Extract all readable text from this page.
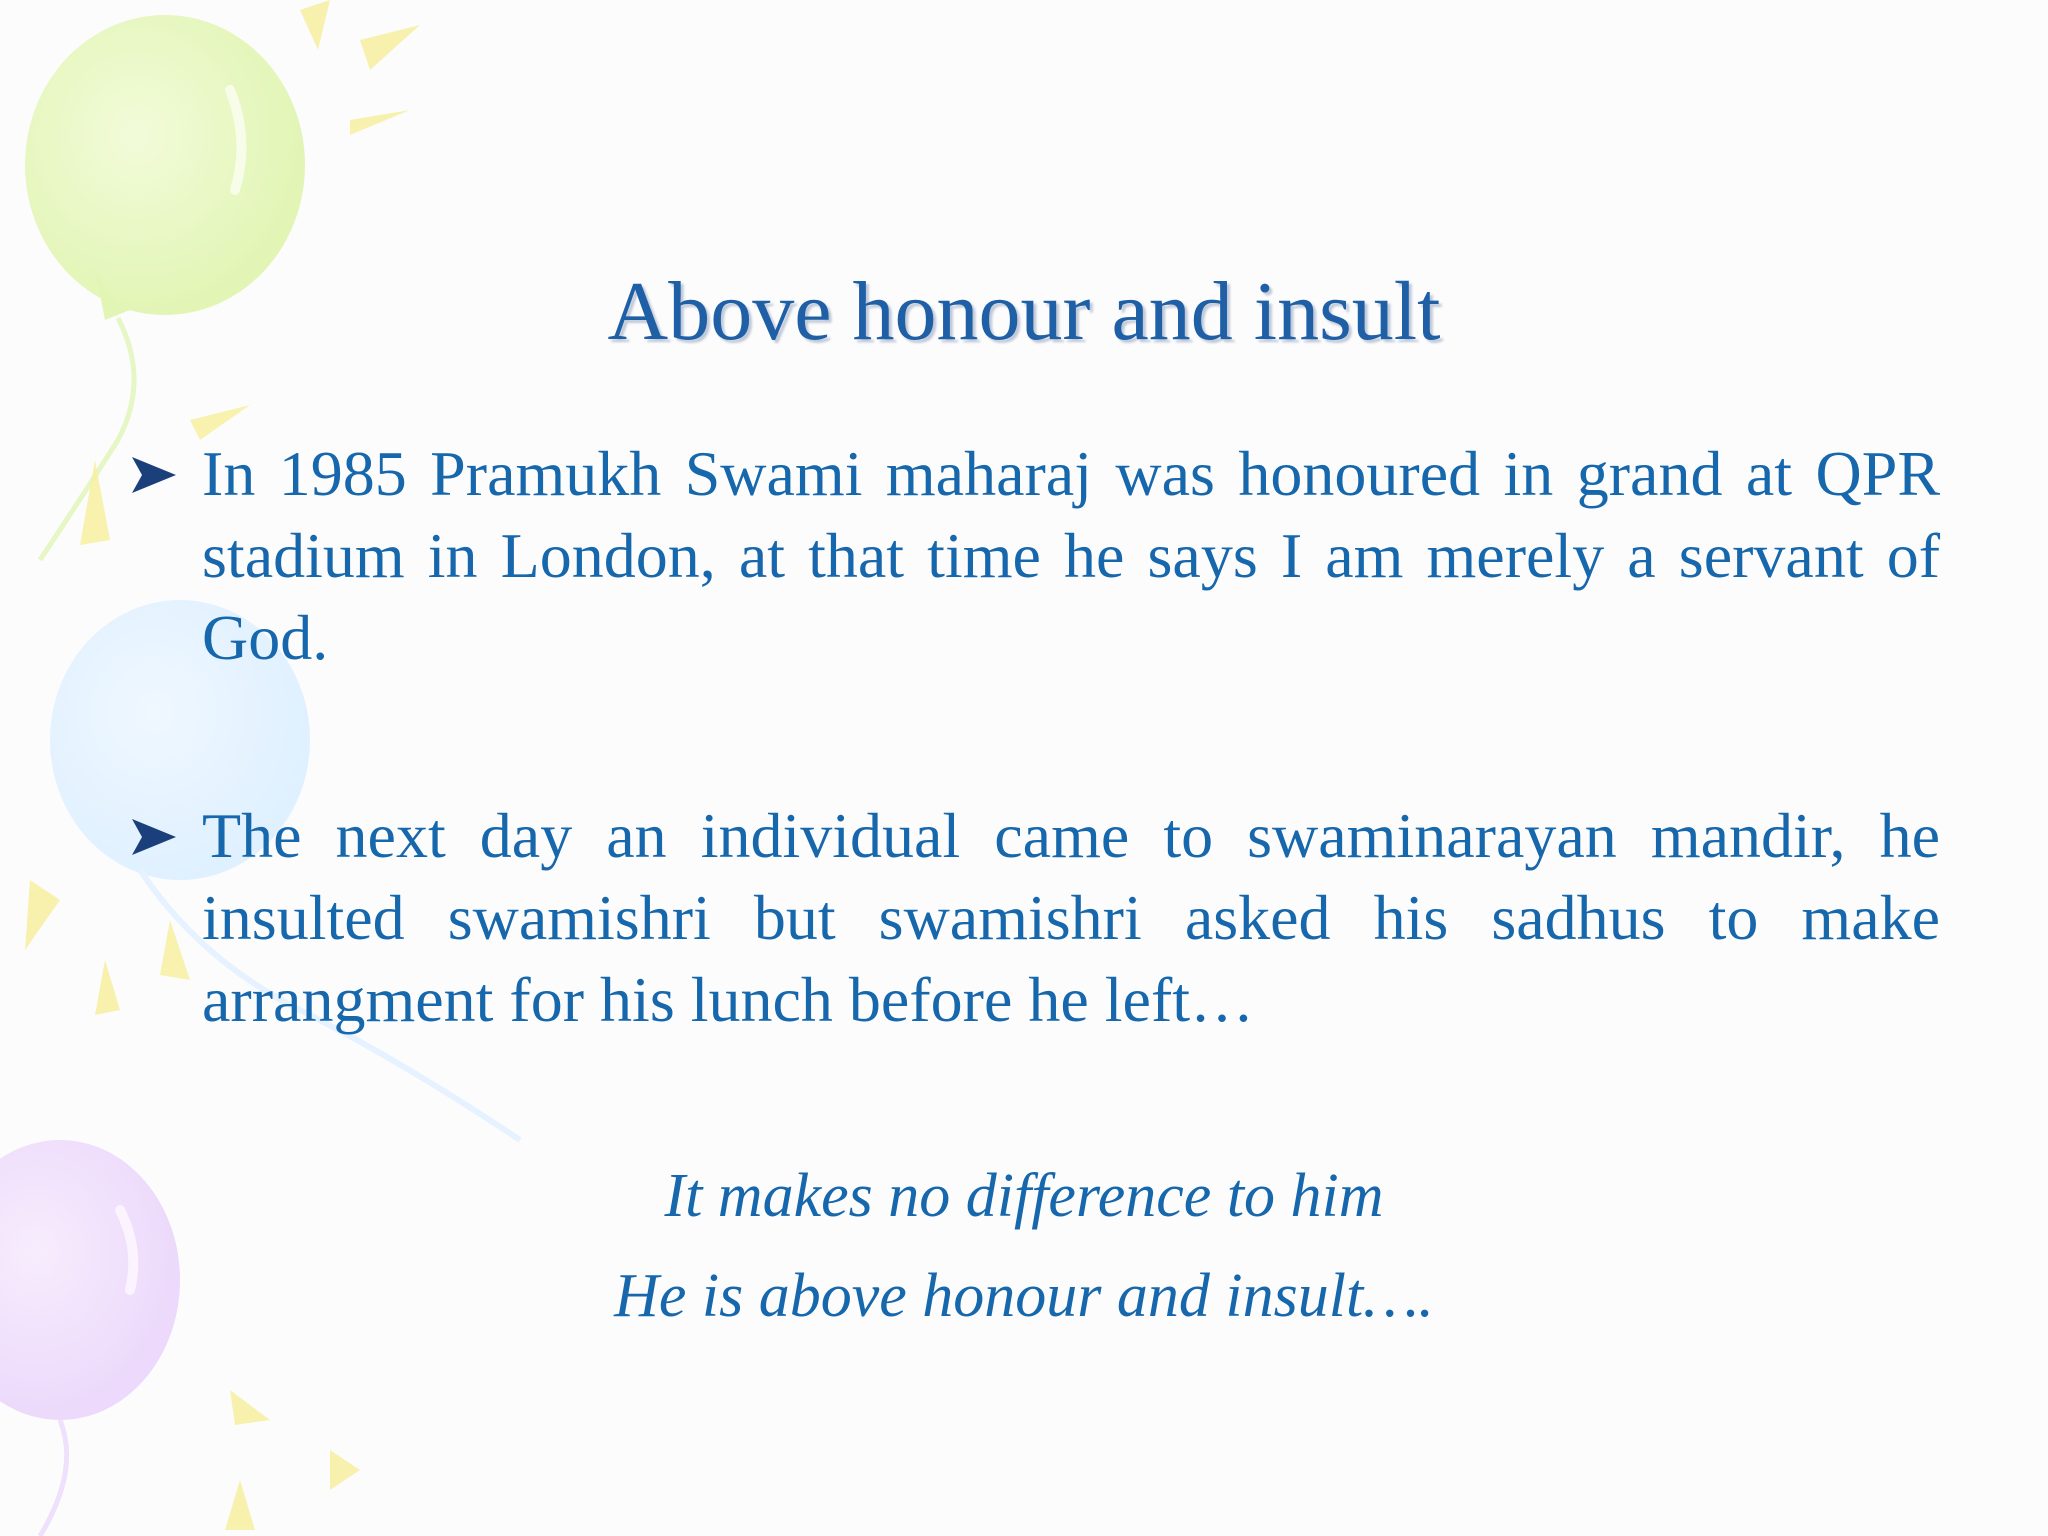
Above honour and insult
In 1985 Pramukh Swami maharaj was honoured in grand at QPR stadium in London, at that time he says I am merely a servant of God.
The next day an individual came to swaminarayan mandir, he insulted swamishri but swamishri asked his sadhus to make arrangment for his lunch before he left…
It makes no difference to him
He is above honour and insult….
